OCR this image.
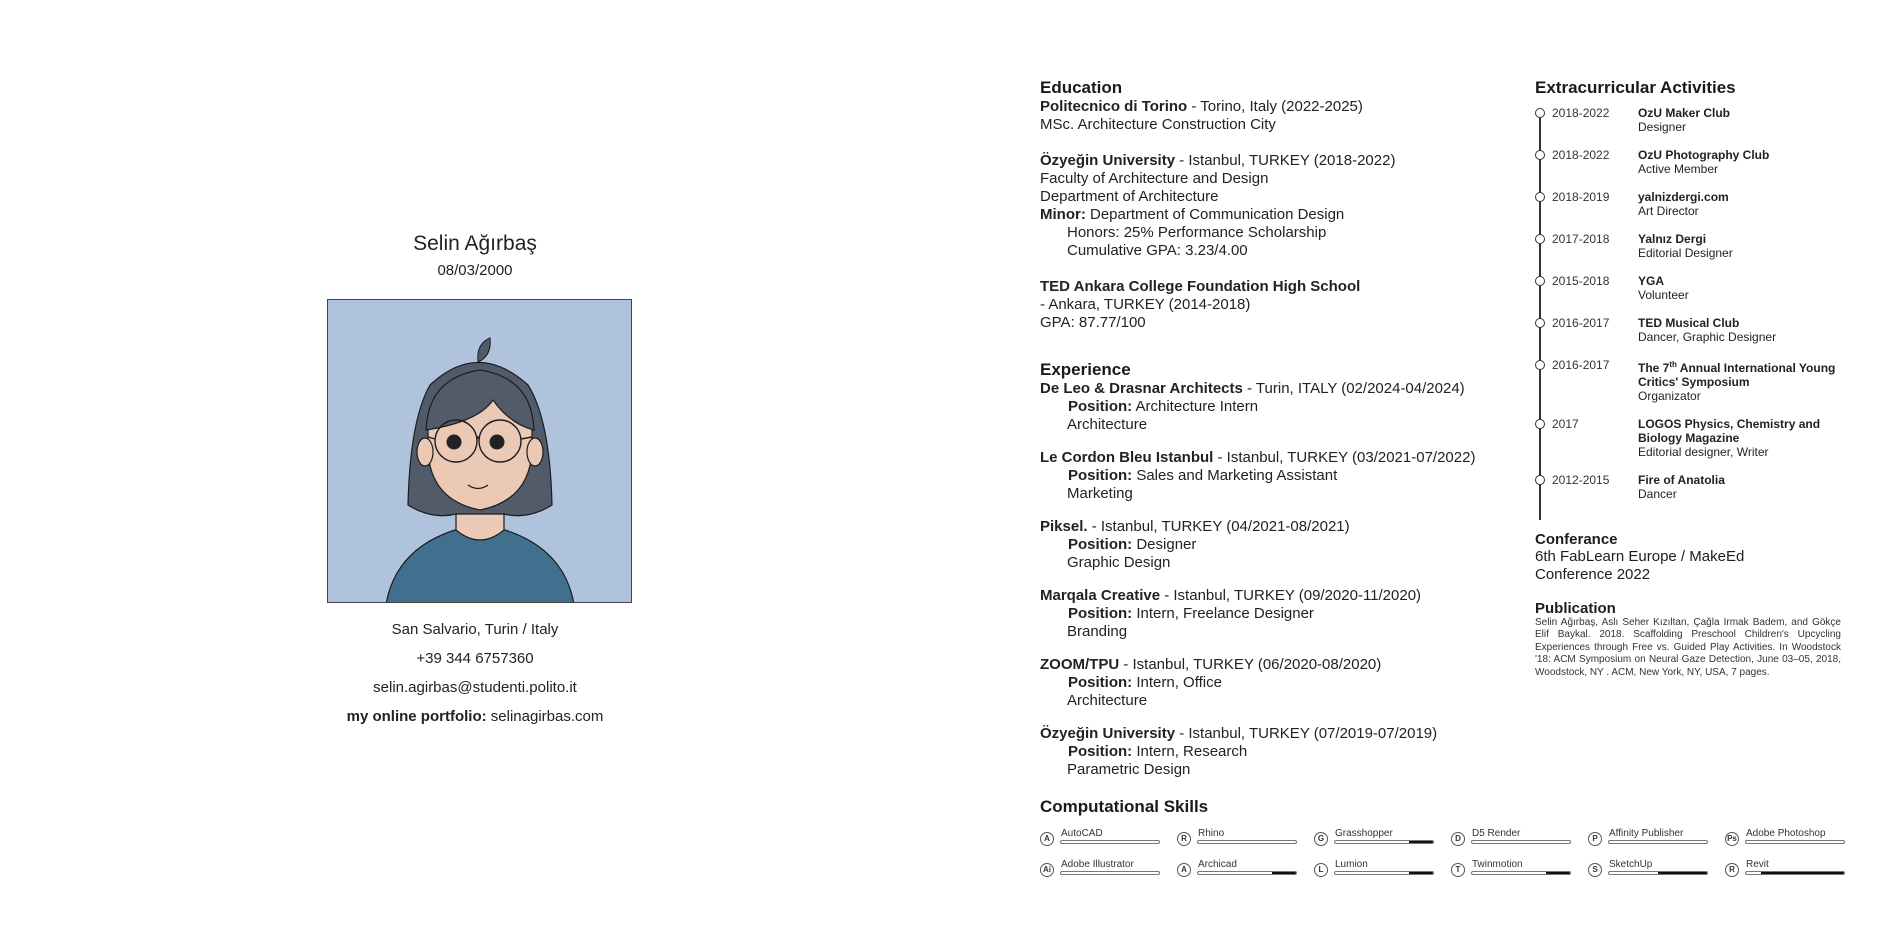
Selin Ağırbaş
08/03/2000
San Salvario, Turin / Italy
+39 344 6757360
selin.agirbas@studenti.polito.it
my online portfolio: selinagirbas.com
Education
Politecnico di Torino - Torino, Italy (2022-2025)
MSc. Architecture Construction City
Özyeğin University - Istanbul, TURKEY (2018-2022)
Faculty of Architecture and Design
Department of Architecture
Minor: Department of Communication Design
Honors: 25% Performance Scholarship
Cumulative GPA: 3.23/4.00
TED Ankara College Foundation High School
- Ankara, TURKEY (2014-2018)
GPA: 87.77/100
Experience
De Leo & Drasnar Architects - Turin, ITALY (02/2024-04/2024)
Position: Architecture Intern
Architecture
Le Cordon Bleu Istanbul - Istanbul, TURKEY (03/2021-07/2022)
Position: Sales and Marketing Assistant
Marketing
Piksel. - Istanbul, TURKEY (04/2021-08/2021)
Position: Designer
Graphic Design
Marqala Creative - Istanbul, TURKEY (09/2020-11/2020)
Position: Intern, Freelance Designer
Branding
ZOOM/TPU - Istanbul, TURKEY (06/2020-08/2020)
Position: Intern, Office
Architecture
Özyeğin University - Istanbul, TURKEY (07/2019-07/2019)
Position: Intern, Research
Parametric Design
Extracurricular Activities
2018-2022	OzU Maker Club
Designer
2018-2022	OzU Photography Club
Active Member
2018-2019	yalnizdergi.com
Art Director
2017-2018	Yalnız Dergi
Editorial Designer
2015-2018	YGA
Volunteer
2016-2017	TED Musical Club
Dancer, Graphic Designer
2016-2017	The 7th Annual International Young Critics' Symposium
Organizator
2017	LOGOS Physics, Chemistry and Biology Magazine
Editorial designer, Writer
2012-2015	Fire of Anatolia
Dancer
Conferance
6th FabLearn Europe / MakeEd
Conference 2022
Publication
Selin Ağırbaş, Aslı Seher Kızıltan, Çağla Irmak Badem, and Gökçe Elif Baykal. 2018. Scaffolding Preschool Children's Upcycling Experiences through Free vs. Guided Play Activities. In Woodstock '18: ACM Symposium on Neural Gaze Detection, June 03–05, 2018, Woodstock, NY . ACM, New York, NY, USA, 7 pages.
Computational Skills
A	AutoCAD	R	Rhino	G	Grasshopper	D	D5 Render	P	Affinity Publisher	Ps Adobe Photoshop
Ai	Adobe Illustrator	A	Archicad	L	Lumion	T	Twinmotion	S	SketchUp	R	Revit
